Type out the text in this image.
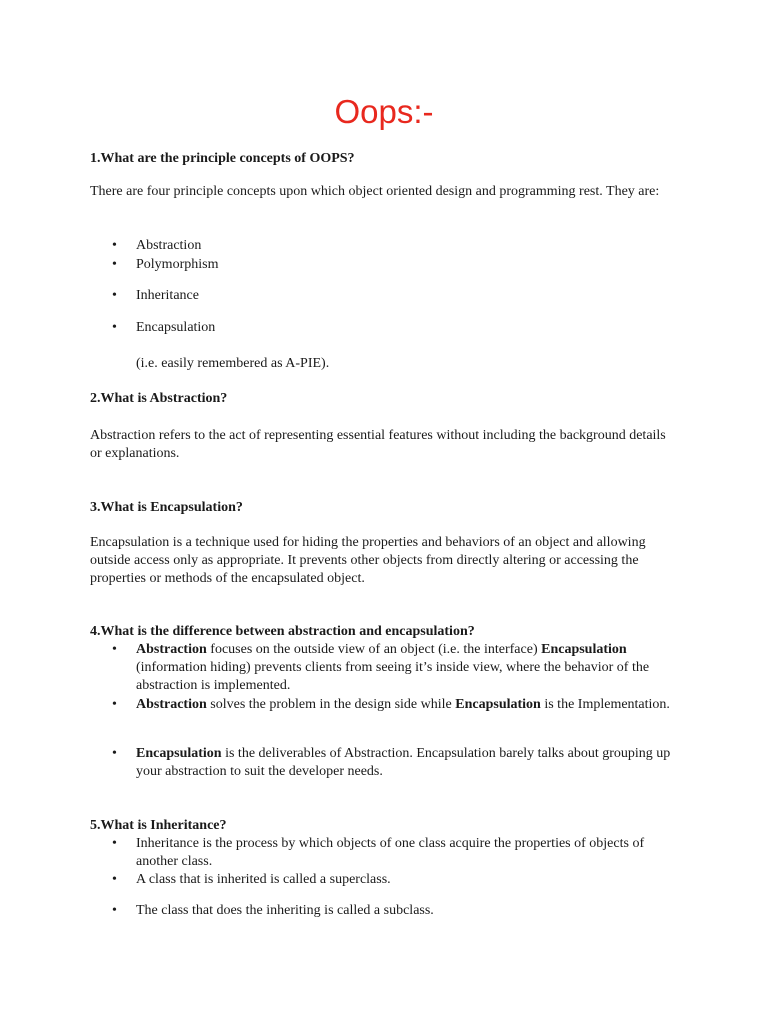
Oops:-
1.What are the principle concepts of OOPS?
There are four principle concepts upon which object oriented design and programming rest. They are:
• Abstraction
• Polymorphism
• Inheritance
• Encapsulation
(i.e. easily remembered as A-PIE).
2.What is Abstraction?
Abstraction refers to the act of representing essential features without including the background details or explanations.
3.What is Encapsulation?
Encapsulation is a technique used for hiding the properties and behaviors of an object and allowing outside access only as appropriate. It prevents other objects from directly altering or accessing the properties or methods of the encapsulated object.
4.What is the difference between abstraction and encapsulation?
• Abstraction focuses on the outside view of an object (i.e. the interface) Encapsulation (information hiding) prevents clients from seeing it’s inside view, where the behavior of the abstraction is implemented.
• Abstraction solves the problem in the design side while Encapsulation is the Implementation.
• Encapsulation is the deliverables of Abstraction. Encapsulation barely talks about grouping up your abstraction to suit the developer needs.
5.What is Inheritance?
• Inheritance is the process by which objects of one class acquire the properties of objects of another class.
• A class that is inherited is called a superclass.
• The class that does the inheriting is called a subclass.
